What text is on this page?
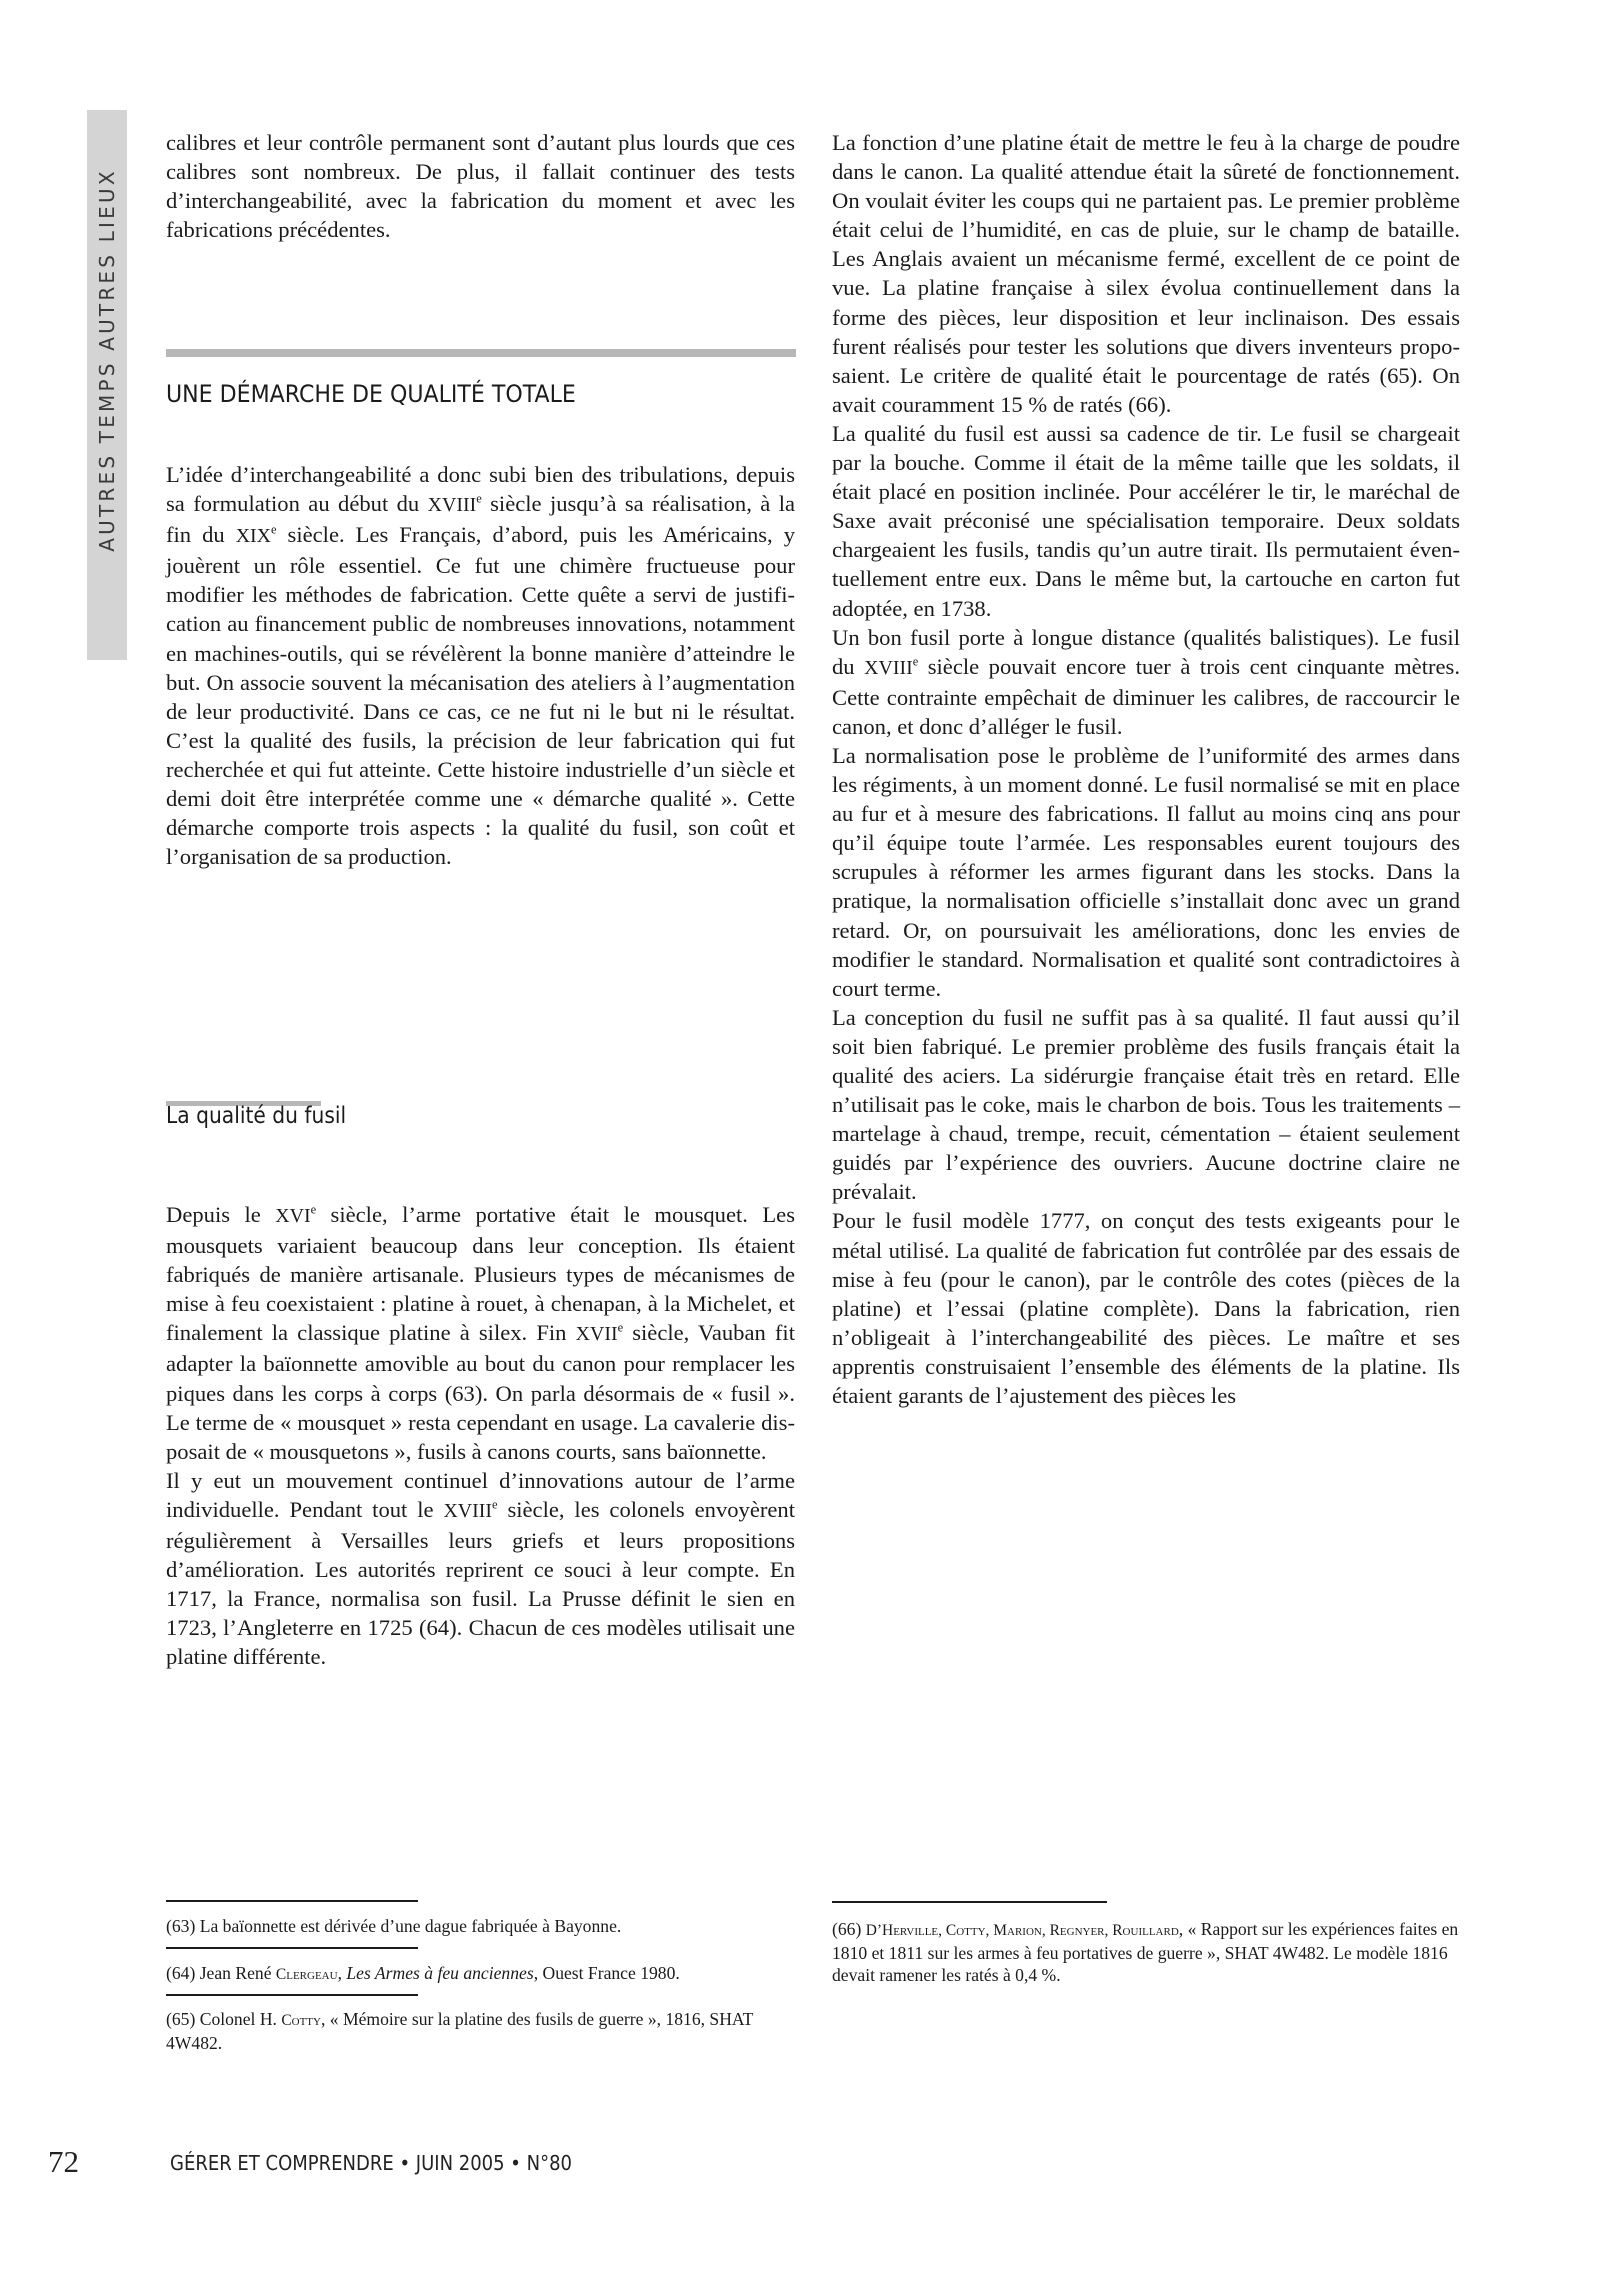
AUTRES TEMPS AUTRES LIEUX

calibres et leur contrôle permanent sont d’autant plus lourds que ces calibres sont nombreux. De plus, il fallait continuer des tests d’interchangeabilité, avec la fabrication du moment et avec les fabrications précédentes.

UNE DÉMARCHE DE QUALITÉ TOTALE

L’idée d’interchangeabilité a donc subi bien des tribulations, depuis sa formulation au début du XVIIIe siècle jusqu’à sa réalisation, à la fin du XIXe siècle. Les Français, d’abord, puis les Américains, y jouèrent un rôle essentiel. Ce fut une chimère fructueuse pour modifier les méthodes de fabrication. Cette quête a servi de justification au financement public de nombreuses innovations, notamment en machines-outils, qui se révélèrent la bonne manière d’atteindre le but. On associe souvent la mécanisation des ateliers à l’augmentation de leur productivité. Dans ce cas, ce ne fut ni le but ni le résultat. C’est la qualité des fusils, la précision de leur fabrication qui fut recherchée et qui fut atteinte. Cette histoire industrielle d’un siècle et demi doit être interprétée comme une « démarche qualité ». Cette démarche comporte trois aspects : la qualité du fusil, son coût et l’organisation de sa production.

La qualité du fusil

Depuis le XVIe siècle, l’arme portative était le mousquet. Les mousquets variaient beaucoup dans leur conception. Ils étaient fabriqués de manière artisanale. Plusieurs types de mécanismes de mise à feu coexistaient : platine à rouet, à chenapan, à la Michelet, et finalement la classique platine à silex. Fin XVIIe siècle, Vauban fit adapter la baïonnette amovible au bout du canon pour remplacer les piques dans les corps à corps (63). On parla désormais de « fusil ». Le terme de « mousquet » resta cependant en usage. La cavalerie disposait de « mousquetons », fusils à canons courts, sans baïonnette.

Il y eut un mouvement continuel d’innovations autour de l’arme individuelle. Pendant tout le XVIIIe siècle, les colonels envoyèrent régulièrement à Versailles leurs griefs et leurs propositions d’amélioration. Les autorités reprirent ce souci à leur compte. En 1717, la France, normalisa son fusil. La Prusse définit le sien en 1723, l’Angleterre en 1725 (64). Chacun de ces modèles utilisait une platine différente.

La fonction d’une platine était de mettre le feu à la charge de poudre dans le canon. La qualité attendue était la sûreté de fonctionnement. On voulait éviter les coups qui ne partaient pas. Le premier problème était celui de l’humidité, en cas de pluie, sur le champ de bataille. Les Anglais avaient un mécanisme fermé, excellent de ce point de vue. La platine française à silex évolua continuellement dans la forme des pièces, leur disposition et leur inclinaison. Des essais furent réalisés pour tester les solutions que divers inventeurs proposaient. Le critère de qualité était le pourcentage de ratés (65). On avait couramment 15 % de ratés (66).

La qualité du fusil est aussi sa cadence de tir. Le fusil se chargeait par la bouche. Comme il était de la même taille que les soldats, il était placé en position inclinée. Pour accélérer le tir, le maréchal de Saxe avait préconisé une spécialisation temporaire. Deux soldats chargeaient les fusils, tandis qu’un autre tirait. Ils permutaient éventuellement entre eux. Dans le même but, la cartouche en carton fut adoptée, en 1738.

Un bon fusil porte à longue distance (qualités balistiques). Le fusil du XVIIIe siècle pouvait encore tuer à trois cent cinquante mètres. Cette contrainte empêchait de diminuer les calibres, de raccourcir le canon, et donc d’alléger le fusil.

La normalisation pose le problème de l’uniformité des armes dans les régiments, à un moment donné. Le fusil normalisé se mit en place au fur et à mesure des fabrications. Il fallut au moins cinq ans pour qu’il équipe toute l’armée. Les responsables eurent toujours des scrupules à réformer les armes figurant dans les stocks. Dans la pratique, la normalisation officielle s’installait donc avec un grand retard. Or, on poursuivait les améliorations, donc les envies de modifier le standard. Normalisation et qualité sont contradictoires à court terme.

La conception du fusil ne suffit pas à sa qualité. Il faut aussi qu’il soit bien fabriqué. Le premier problème des fusils français était la qualité des aciers. La sidérurgie française était très en retard. Elle n’utilisait pas le coke, mais le charbon de bois. Tous les traitements – martelage à chaud, trempe, recuit, cémentation – étaient seulement guidés par l’expérience des ouvriers. Aucune doctrine claire ne prévalait.

Pour le fusil modèle 1777, on conçut des tests exigeants pour le métal utilisé. La qualité de fabrication fut contrôlée par des essais de mise à feu (pour le canon), par le contrôle des cotes (pièces de la platine) et l’essai (platine complète). Dans la fabrication, rien n’obligeait à l’interchangeabilité des pièces. Le maître et ses apprentis construisaient l’ensemble des éléments de la platine. Ils étaient garants de l’ajustement des pièces les

(63) La baïonnette est dérivée d’une dague fabriquée à Bayonne.

(64) Jean René Clergeau, Les Armes à feu anciennes, Ouest France 1980.

(65) Colonel H. Cotty, « Mémoire sur la platine des fusils de guerre », 1816, SHAT 4W482.

(66) D’Herville, Cotty, Marion, Regnyer, Rouillard, « Rapport sur les expériences faites en 1810 et 1811 sur les armes à feu portatives de guerre », SHAT 4W482. Le modèle 1816 devait ramener les ratés à 0,4 %.

72	GÉRER ET COMPRENDRE • JUIN 2005 • N°80
